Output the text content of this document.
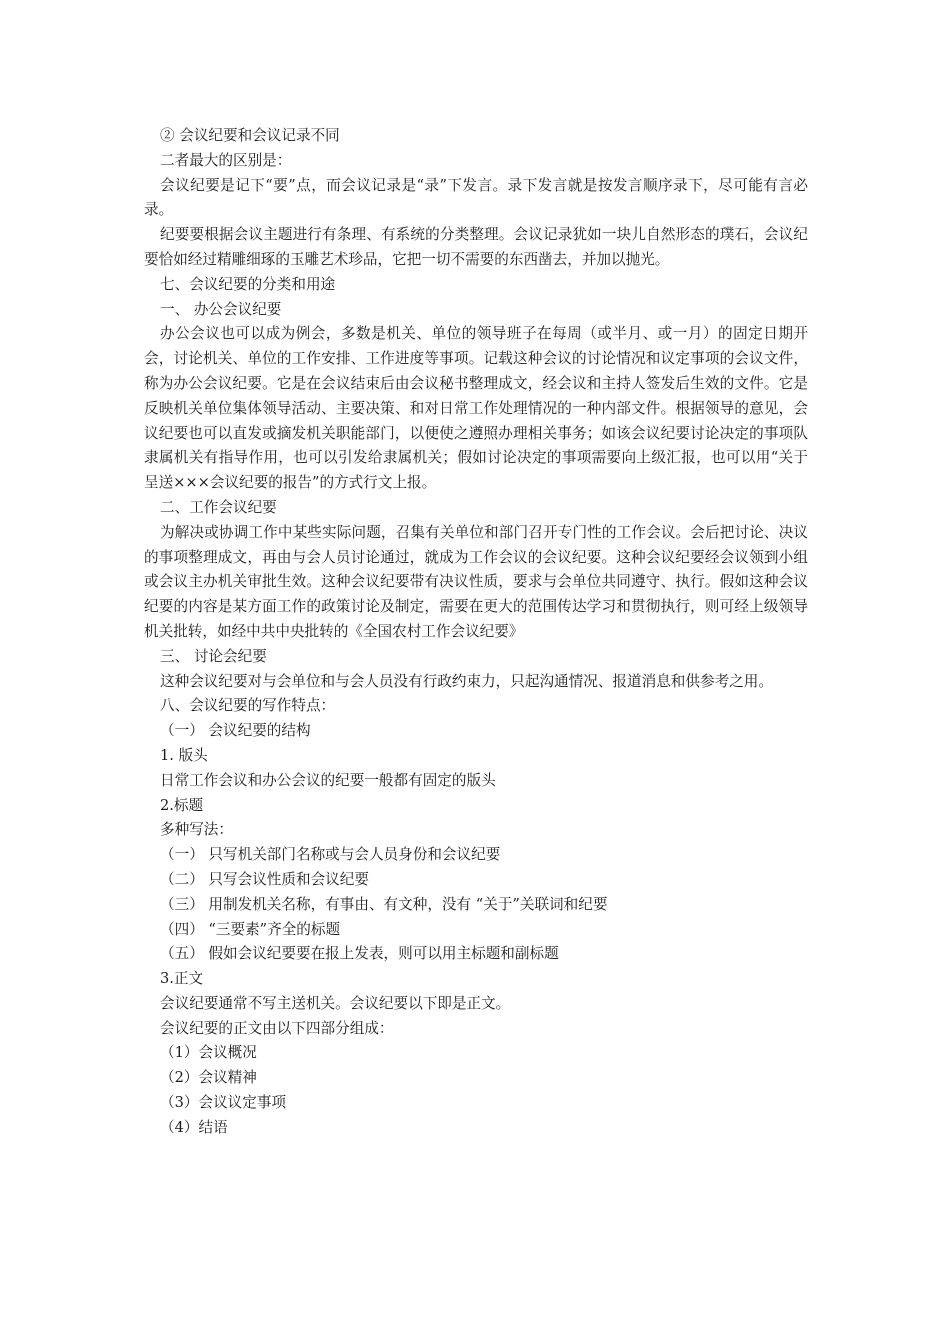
② 会议纪要和会议记录不同

二者最大的区别是：

会议纪要是记下“要”点，而会议记录是“录”下发言。录下发言就是按发言顺序录下，尽可能有言必录。

纪要要根据会议主题进行有条理、有系统的分类整理。会议记录犹如一块儿自然形态的璞石，会议纪要恰如经过精雕细琢的玉雕艺术珍品，它把一切不需要的东西凿去，并加以抛光。

七、会议纪要的分类和用途

一、 办公会议纪要

办公会议也可以成为例会，多数是机关、单位的领导班子在每周（或半月、或一月）的固定日期开会，讨论机关、单位的工作安排、工作进度等事项。记载这种会议的讨论情况和议定事项的会议文件，称为办公会议纪要。它是在会议结束后由会议秘书整理成文，经会议和主持人签发后生效的文件。它是反映机关单位集体领导活动、主要决策、和对日常工作处理情况的一种内部文件。根据领导的意见，会议纪要也可以直发或摘发机关职能部门，以便使之遵照办理相关事务；如该会议纪要讨论决定的事项队隶属机关有指导作用，也可以引发给隶属机关；假如讨论决定的事项需要向上级汇报，也可以用“关于呈送×××会议纪要的报告”的方式行文上报。

二、工作会议纪要

为解决或协调工作中某些实际问题，召集有关单位和部门召开专门性的工作会议。会后把讨论、决议的事项整理成文，再由与会人员讨论通过，就成为工作会议的会议纪要。这种会议纪要经会议领到小组或会议主办机关审批生效。这种会议纪要带有决议性质，要求与会单位共同遵守、执行。假如这种会议纪要的内容是某方面工作的政策讨论及制定，需要在更大的范围传达学习和贯彻执行，则可经上级领导机关批转，如经中共中央批转的《全国农村工作会议纪要》

三、 讨论会纪要

这种会议纪要对与会单位和与会人员没有行政约束力，只起沟通情况、报道消息和供参考之用。

八、会议纪要的写作特点：

（一） 会议纪要的结构

1. 版头

日常工作会议和办公会议的纪要一般都有固定的版头

2.标题

多种写法：

（一） 只写机关部门名称或与会人员身份和会议纪要

（二） 只写会议性质和会议纪要

（三） 用制发机关名称，有事由、有文种，没有 “关于”关联词和纪要

（四） “三要素”齐全的标题

（五） 假如会议纪要要在报上发表，则可以用主标题和副标题

3.正文

会议纪要通常不写主送机关。会议纪要以下即是正文。

会议纪要的正文由以下四部分组成：

（1）会议概况

（2）会议精神

（3）会议议定事项

（4）结语
